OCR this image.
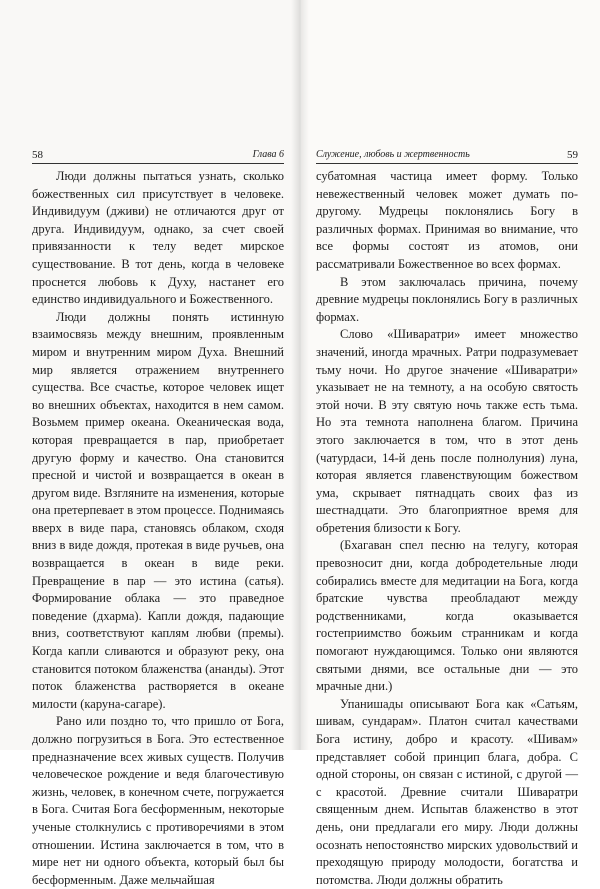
58	Глава 6

Люди должны пытаться узнать, сколько божественных сил присутствует в человеке. Индивидуум (дживи) не отличаются друг от друга. Индивидуум, однако, за счет своей привязанности к телу ведет мирское существование. В тот день, когда в человеке проснется любовь к Духу, настанет его единство индивидуального и Божественного.

Люди должны понять истинную взаимосвязь между внешним, проявленным миром и внутренним миром Духа. Внешний мир является отражением внутреннего существа. Все счастье, которое человек ищет во внешних объектах, находится в нем самом. Возьмем пример океана. Океаническая вода, которая превращается в пар, приобретает другую форму и качество. Она становится пресной и чистой и возвращается в океан в другом виде. Взгляните на изменения, которые она претерпевает в этом процессе. Поднимаясь вверх в виде пара, становясь облаком, сходя вниз в виде дождя, протекая в виде ручьев, она возвращается в океан в виде реки. Превращение в пар — это истина (сатья). Формирование облака — это праведное поведение (дхарма). Капли дождя, падающие вниз, соответствуют каплям любви (премы). Когда капли сливаются и образуют реку, она становится потоком блаженства (ананды). Этот поток блаженства растворяется в океане милости (каруна-сагаре).

Рано или поздно то, что пришло от Бога, должно погрузиться в Бога. Это естественное предназначение всех живых существ. Получив человеческое рождение и ведя благочестивую жизнь, человек, в конечном счете, погружается в Бога. Считая Бога бесформенным, некоторые ученые столкнулись с противоречиями в этом отношении. Истина заключается в том, что в мире нет ни одного объекта, который был бы бесформенным. Даже мельчайшая

Служение, любовь и жертвенность	59

субатомная частица имеет форму. Только невежественный человек может думать по-другому. Мудрецы поклонялись Богу в различных формах. Принимая во внимание, что все формы состоят из атомов, они рассматривали Божественное во всех формах.

В этом заключалась причина, почему древние мудрецы поклонялись Богу в различных формах.

Слово «Шиваратри» имеет множество значений, иногда мрачных. Ратри подразумевает тьму ночи. Но другое значение «Шиваратри» указывает не на темноту, а на особую святость этой ночи. В эту святую ночь также есть тьма. Но эта темнота наполнена благом. Причина этого заключается в том, что в этот день (чатурдаси, 14-й день после полнолуния) луна, которая является главенствующим божеством ума, скрывает пятнадцать своих фаз из шестнадцати. Это благоприятное время для обретения близости к Богу.

(Бхагаван спел песню на телугу, которая превозносит дни, когда добродетельные люди собирались вместе для медитации на Бога, когда братские чувства преобладают между родственниками, когда оказывается гостеприимство божьим странникам и когда помогают нуждающимся. Только они являются святыми днями, все остальные дни — это мрачные дни.)

Упанишады описывают Бога как «Сатьям, шивам, сундарам». Платон считал качествами Бога истину, добро и красоту. «Шивам» представляет собой принцип блага, добра. С одной стороны, он связан с истиной, с другой — с красотой. Древние считали Шиваратри священным днем. Испытав блаженство в этот день, они предлагали его миру. Люди должны осознать непостоянство мирских удовольствий и преходящую природу молодости, богатства и потомства. Люди должны обратить
